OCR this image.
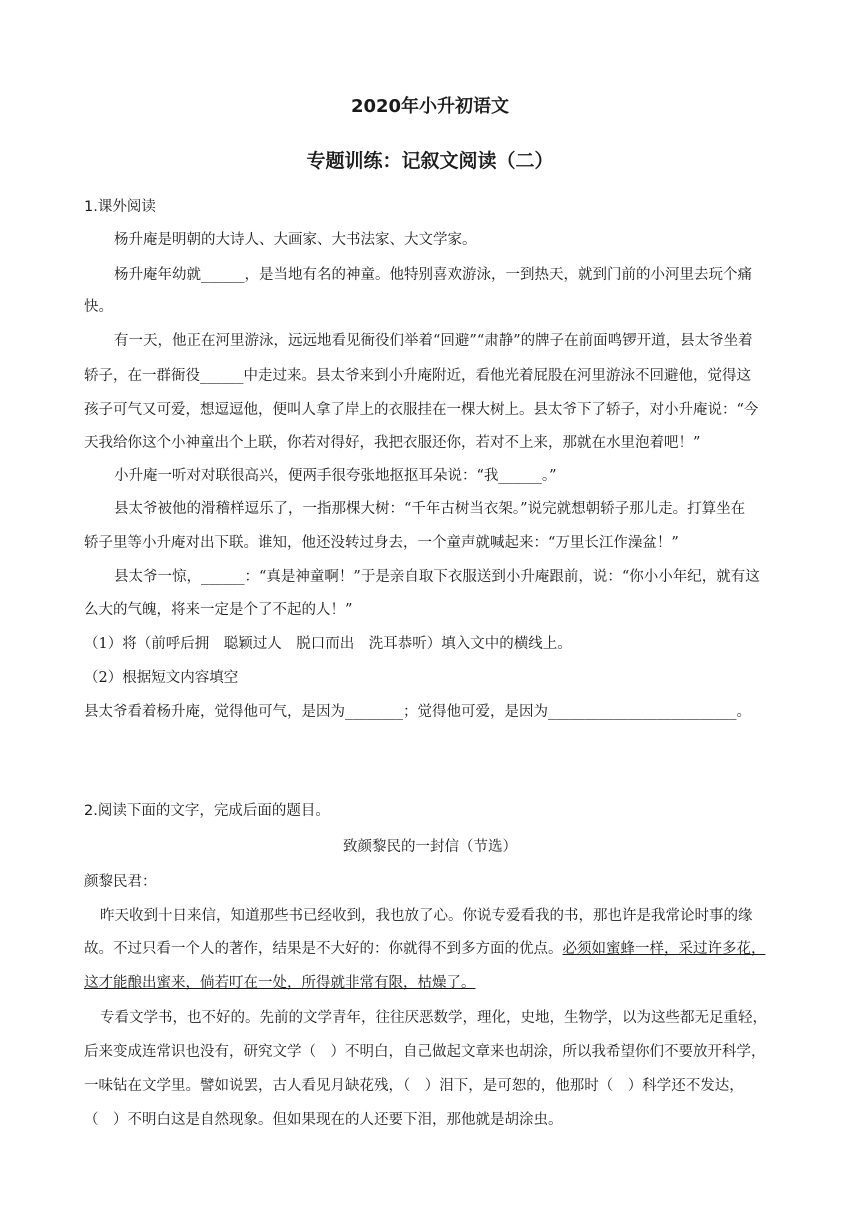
2020年小升初语文
专题训练：记叙文阅读（二）
1.课外阅读
杨升庵是明朝的大诗人、大画家、大书法家、大文学家。
杨升庵年幼就______，是当地有名的神童。他特别喜欢游泳，一到热天，就到门前的小河里去玩个痛
快。
有一天，他正在河里游泳，远远地看见衙役们举着“回避”“肃静”的牌子在前面鸣锣开道，县太爷坐着
轿子，在一群衙役______中走过来。县太爷来到小升庵附近，看他光着屁股在河里游泳不回避他，觉得这
孩子可气又可爱，想逗逗他，便叫人拿了岸上的衣服挂在一棵大树上。县太爷下了轿子，对小升庵说：“今
天我给你这个小神童出个上联，你若对得好，我把衣服还你，若对不上来，那就在水里泡着吧！”
小升庵一听对对联很高兴，便两手很夸张地抠抠耳朵说：“我______。”
县太爷被他的滑稽样逗乐了，一指那棵大树：“千年古树当衣架。”说完就想朝轿子那儿走。打算坐在
轿子里等小升庵对出下联。谁知，他还没转过身去，一个童声就喊起来：“万里长江作澡盆！”
县太爷一惊，______：“真是神童啊！”于是亲自取下衣服送到小升庵跟前，说：“你小小年纪，就有这
么大的气魄，将来一定是个了不起的人！”
（1）将（前呼后拥　聪颖过人　脱口而出　洗耳恭听）填入文中的横线上。
（2）根据短文内容填空
县太爷看着杨升庵，觉得他可气，是因为________；觉得他可爱，是因为__________________________。
2.阅读下面的文字，完成后面的题目。
致颜黎民的一封信（节选）
颜黎民君：
昨天收到十日来信，知道那些书已经收到，我也放了心。你说专爱看我的书，那也许是我常论时事的缘
故。不过只看一个人的著作，结果是不大好的：你就得不到多方面的优点。必须如蜜蜂一样，采过许多花，
这才能酿出蜜来，倘若叮在一处，所得就非常有限，枯燥了。
专看文学书，也不好的。先前的文学青年，往往厌恶数学，理化，史地，生物学，以为这些都无足重轻，
后来变成连常识也没有，研究文学（　）不明白，自己做起文章来也胡涂，所以我希望你们不要放开科学，
一味钻在文学里。譬如说罢，古人看见月缺花残，（　）泪下，是可恕的，他那时（　）科学还不发达，
（　）不明白这是自然现象。但如果现在的人还要下泪，那他就是胡涂虫。
